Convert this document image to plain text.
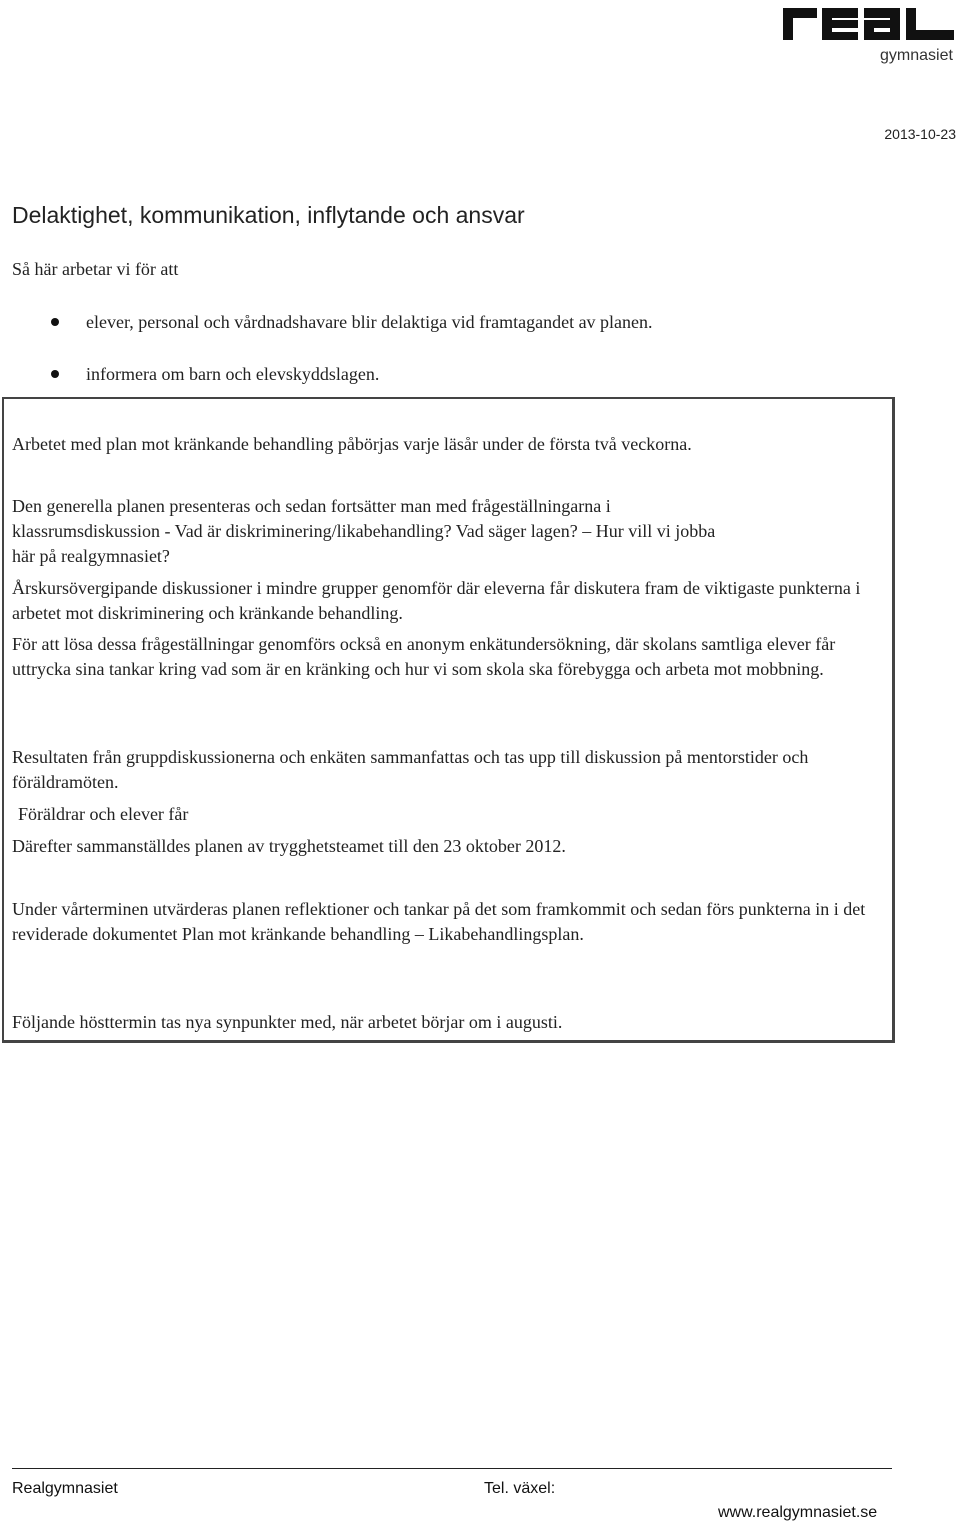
gymnasiet
2013-10-23
Delaktighet, kommunikation, inflytande och ansvar
Så här arbetar vi för att
elever, personal och vårdnadshavare blir delaktiga vid framtagandet av planen.
informera om barn och elevskyddslagen.

Arbetet med plan mot kränkande behandling påbörjas varje läsår under de första två veckorna.

Den generella planen presenteras och sedan fortsätter man med frågeställningarna i
klassrumsdiskussion - Vad är diskriminering/likabehandling? Vad säger lagen? – Hur vill vi jobba
här på realgymnasiet?

Årskursövergipande diskussioner i mindre grupper genomför där eleverna får diskutera fram de viktigaste punkterna i arbetet mot diskriminering och kränkande behandling.

För att lösa dessa frågeställningar genomförs också en anonym enkätundersökning, där skolans samtliga elever får uttrycka sina tankar kring vad som är en kränking och hur vi som skola ska förebygga och arbeta mot mobbning.

Resultaten från gruppdiskussionerna och enkäten sammanfattas och tas upp till diskussion på mentorstider och föräldramöten.

Föräldrar och elever får

Därefter sammanställdes planen av trygghetsteamet till den 23 oktober 2012.

Under vårterminen utvärderas planen reflektioner och tankar på det som framkommit och sedan förs punkterna in i det reviderade dokumentet Plan mot kränkande behandling – Likabehandlingsplan.

Följande hösttermin tas nya synpunkter med, när arbetet börjar om i augusti.

Realgymnasiet	Tel. växel:
www.realgymnasiet.se
